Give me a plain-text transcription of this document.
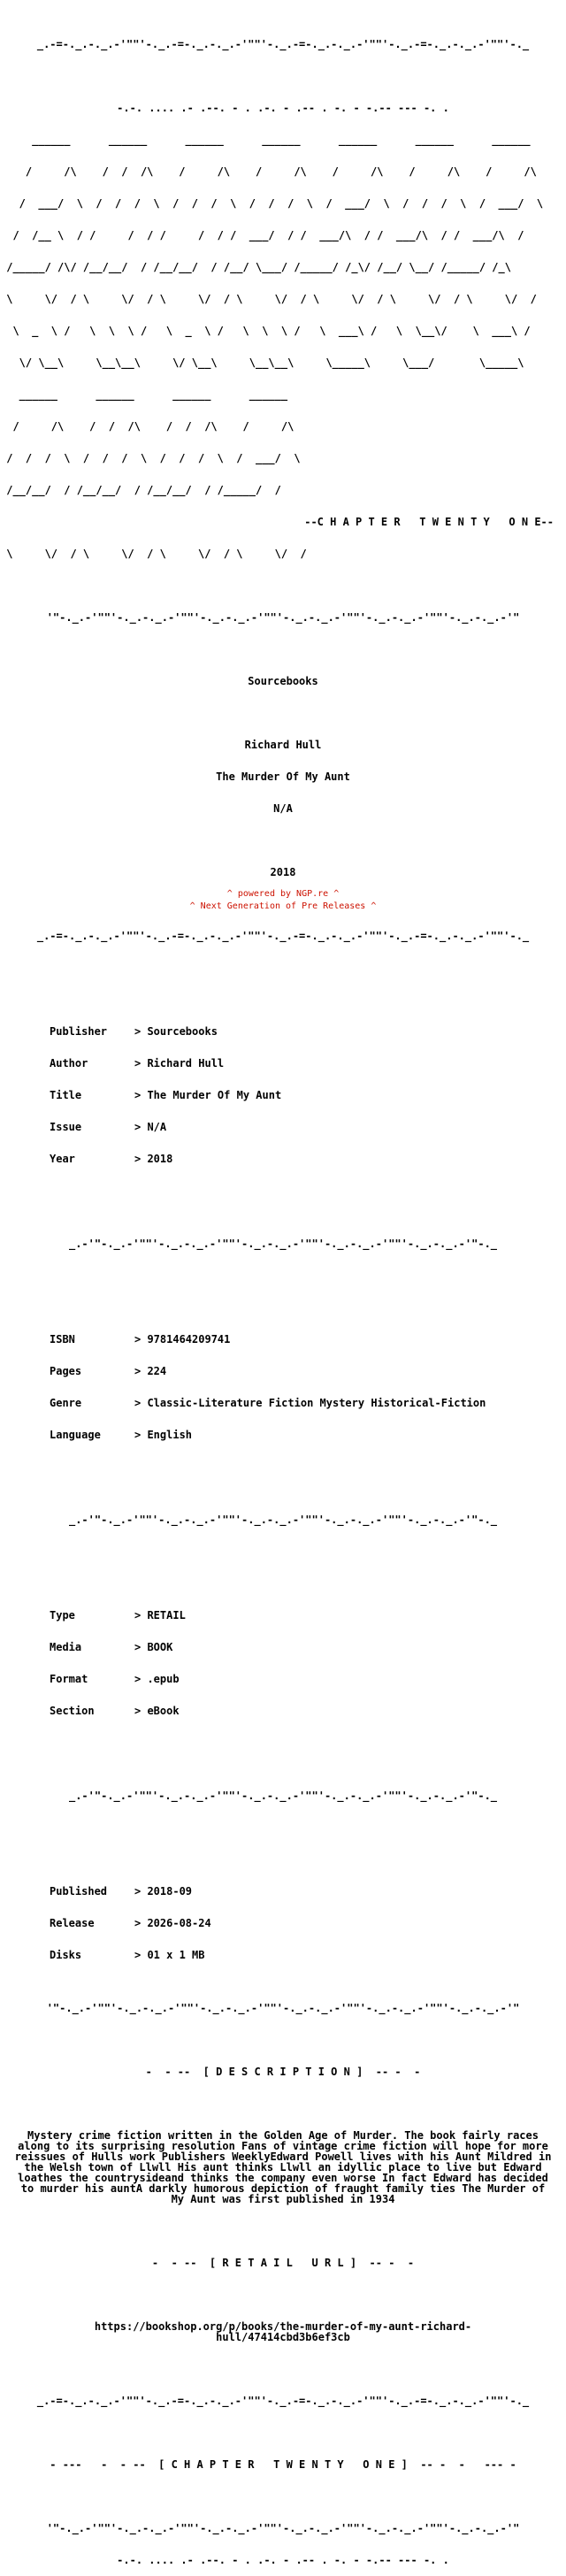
_.-=-._.-._.-'""'-._.-=-._.-._.-'""'-._.-=-._.-._.-'""'-._.-=-._.-._.-'""'-._

-.-. .... .- .--. - . .-. - .-- . -. - -.-- --- -. .

______      ______      ______      ______      ______      ______      ______

/     /\    /  /  /\    /     /\    /     /\    /     /\    /     /\    /     /\

/  ___/  \  /  /  /  \  /  /  /  \  /  /  /  \  /  ___/  \  /  /  /  \  /  ___/  \

/  /__ \  / /     /  / /     /  / /  ___/  / /  ___/\  / /  ___/\  / /  ___/\  /

/_____/ /\/ /__/__/  / /__/__/  / /__/ \___/ /_____/ /_\/ /__/ \__/ /_____/ /_\

\     \/  / \     \/  / \     \/  / \     \/  / \     \/  / \     \/  / \     \/  /

\  _  \ /   \  \  \ /   \  _  \ /   \  \  \ /   \  ___\ /   \  \__\/    \  ___\ /

\/ \__\     \__\__\     \/ \__\     \__\__\     \_____\     \___/       \_____\

______      ______      ______      ______

/     /\    /  /  /\    /  /  /\    /     /\

/  /  /  \  /  /  /  \  /  /  /  \  /  ___/  \

/__/__/  / /__/__/  / /__/__/  / /_____/  /

--C H A P T E R   T W E N T Y   O N E--

\     \/  / \     \/  / \     \/  / \     \/  /

'"-._.-'""'-._.-._.-'""'-._.-._.-'""'-._.-._.-'""'-._.-._.-'""'-._.-._.-'"

Sourcebooks

Richard Hull

The Murder Of My Aunt

N/A

2018

_.-=-._.-._.-'""'-._.-=-._.-._.-'""'-._.-=-._.-._.-'""'-._.-=-._.-._.-'""'-._

Publisher	> Sourcebooks

Author	> Richard Hull

Title	> The Murder Of My Aunt

Issue	> N/A

Year	> 2018

_.-'"-._.-'""'-._.-._.-'""'-._.-._.-'""'-._.-._.-'""'-._.-._.-'"-._

ISBN	> 9781464209741

Pages	> 224

Genre	> Classic-Literature Fiction Mystery Historical-Fiction

Language	> English

_.-'"-._.-'""'-._.-._.-'""'-._.-._.-'""'-._.-._.-'""'-._.-._.-'"-._

Type	> RETAIL

Media	> BOOK

Format	> .epub

Section	> eBook

_.-'"-._.-'""'-._.-._.-'""'-._.-._.-'""'-._.-._.-'""'-._.-._.-'"-._

Published	> 2018-09

Release	> 2026-08-24

Disks	> 01 x 1 MB

'"-._.-'""'-._.-._.-'""'-._.-._.-'""'-._.-._.-'""'-._.-._.-'""'-._.-._.-'"

-  - --  [ D E S C R I P T I O N ]  -- -  -

Mystery crime fiction written in the Golden Age of Murder. The book fairly races along to its surprising resolution Fans of vintage crime fiction will hope for more reissues of Hulls work Publishers WeeklyEdward Powell lives with his Aunt Mildred in the Welsh town of Llwll His aunt thinks Llwll an idyllic place to live but Edward loathes the countrysideand thinks the company even worse In fact Edward has decided to murder his auntA darkly humorous depiction of fraught family ties The Murder of My Aunt was first published in 1934

-  - --  [ R E T A I L   U R L ]  -- -  -

https://bookshop.org/p/books/the-murder-of-my-aunt-richard-hull/47414cbd3b6ef3cb

_.-=-._.-._.-'""'-._.-=-._.-._.-'""'-._.-=-._.-._.-'""'-._.-=-._.-._.-'""'-._

- ---   -  - --  [ C H A P T E R   T W E N T Y   O N E ]  -- -  -   --- -

'"-._.-'""'-._.-._.-'""'-._.-._.-'""'-._.-._.-'""'-._.-._.-'""'-._.-._.-'"

-.-. .... .- .--. - . .-. - .-- . -. - -.-- --- -. .

^ powered by NGP.re ^
^ Next Generation of Pre Releases ^
